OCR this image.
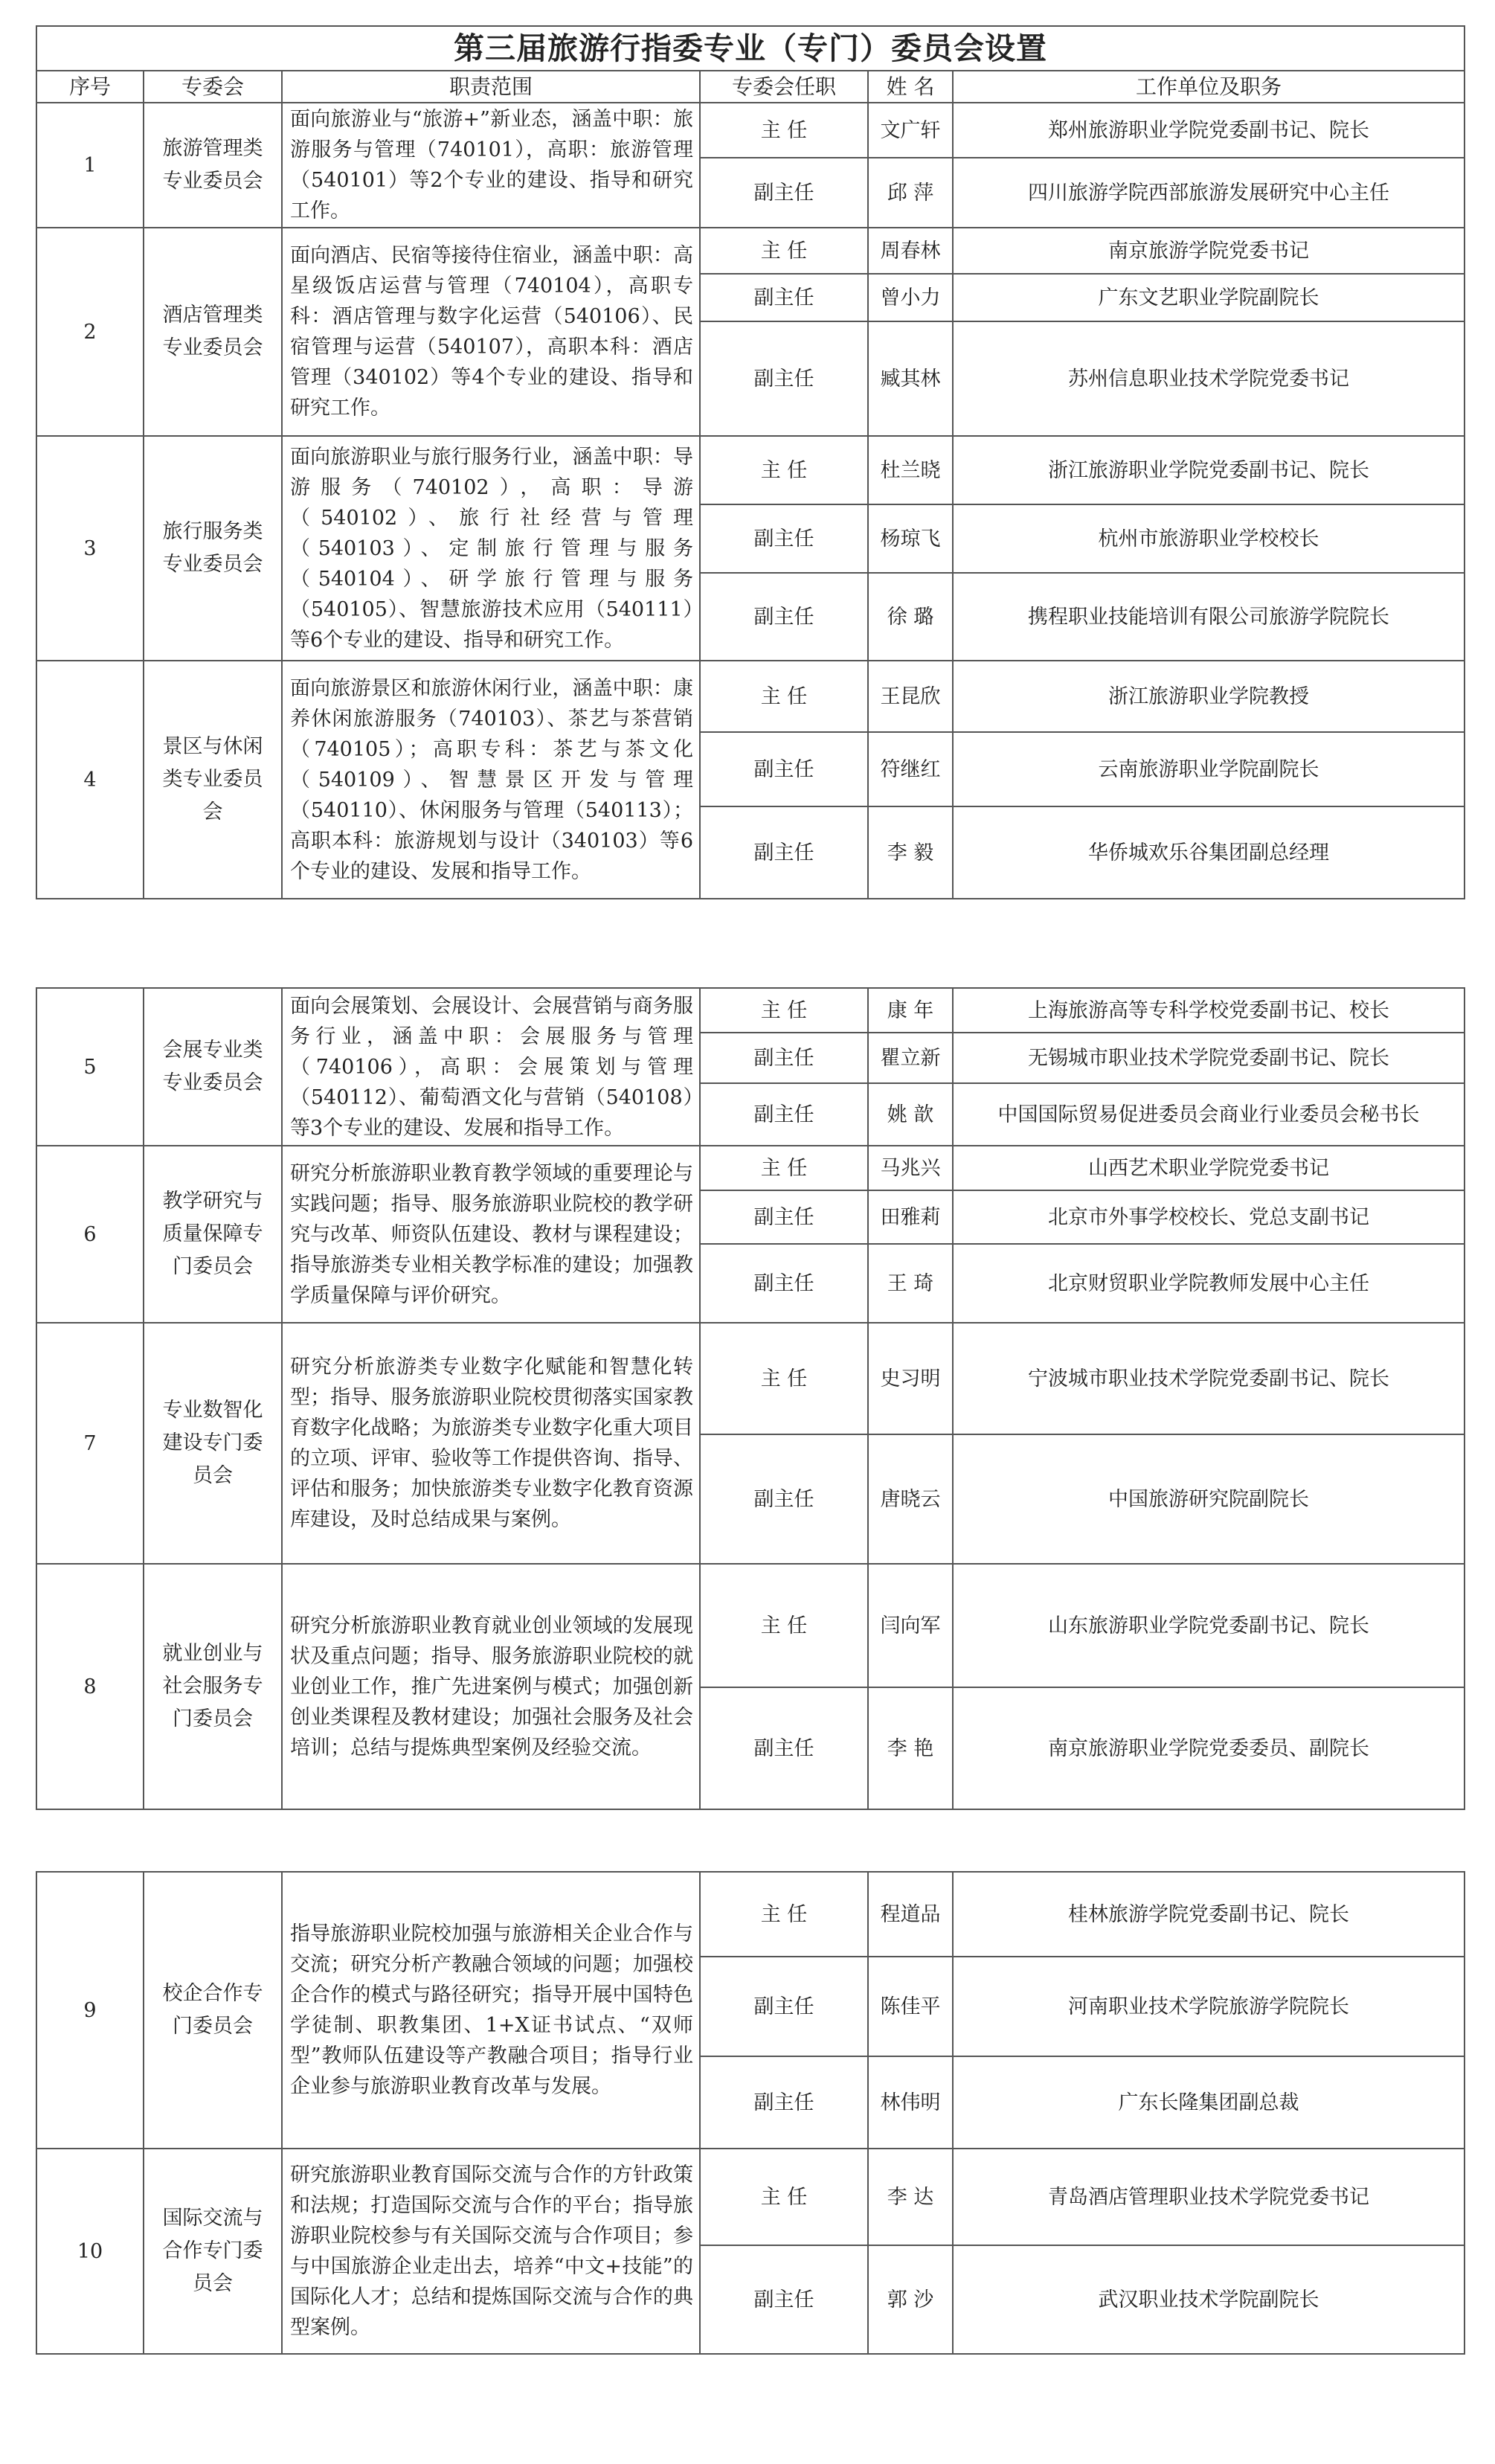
第三届旅游行指委专业（专门）委员会设置					
序号	专委会	职责范围	专委会任职	姓 名	工作单位及职务
1	旅游管理类专业委员会	面向旅游业与“旅游+”新业态，涵盖中职：旅游服务与管理（740101），高职：旅游管理（540101）等2个专业的建设、指导和研究工作。	主 任	文广轩	郑州旅游职业学院党委副书记、院长
			副主任	邱 萍	四川旅游学院西部旅游发展研究中心主任
2	酒店管理类专业委员会	面向酒店、民宿等接待住宿业，涵盖中职：高星级饭店运营与管理（740104），高职专科：酒店管理与数字化运营（540106）、民宿管理与运营（540107），高职本科：酒店管理（340102）等4个专业的建设、指导和研究工作。	主 任	周春林	南京旅游学院党委书记
			副主任	曾小力	广东文艺职业学院副院长
			副主任	臧其林	苏州信息职业技术学院党委书记
3	旅行服务类专业委员会	面向旅游职业与旅行服务行业，涵盖中职：导游服务（740102），高职：导游（540102）、旅行社经营与管理（540103）、定制旅行管理与服务（540104）、研学旅行管理与服务（540105）、智慧旅游技术应用（540111）等6个专业的建设、指导和研究工作。	主 任	杜兰晓	浙江旅游职业学院党委副书记、院长
			副主任	杨琼飞	杭州市旅游职业学校校长
			副主任	徐 璐	携程职业技能培训有限公司旅游学院院长
4	景区与休闲类专业委员会	面向旅游景区和旅游休闲行业，涵盖中职：康养休闲旅游服务（740103）、茶艺与茶营销（740105）；高职专科：茶艺与茶文化（540109）、智慧景区开发与管理（540110）、休闲服务与管理（540113）；高职本科：旅游规划与设计（340103）等6个专业的建设、发展和指导工作。	主 任	王昆欣	浙江旅游职业学院教授
			副主任	符继红	云南旅游职业学院副院长
			副主任	李 毅	华侨城欢乐谷集团副总经理
5	会展专业类专业委员会	面向会展策划、会展设计、会展营销与商务服务行业，涵盖中职：会展服务与管理（740106），高职：会展策划与管理（540112）、葡萄酒文化与营销（540108）等3个专业的建设、发展和指导工作。	主 任	康 年	上海旅游高等专科学校党委副书记、校长
			副主任	瞿立新	无锡城市职业技术学院党委副书记、院长
			副主任	姚 歆	中国国际贸易促进委员会商业行业委员会秘书长
6	教学研究与质量保障专门委员会	研究分析旅游职业教育教学领域的重要理论与实践问题；指导、服务旅游职业院校的教学研究与改革、师资队伍建设、教材与课程建设；指导旅游类专业相关教学标准的建设；加强教学质量保障与评价研究。	主 任	马兆兴	山西艺术职业学院党委书记
			副主任	田雅莉	北京市外事学校校长、党总支副书记
			副主任	王 琦	北京财贸职业学院教师发展中心主任
7	专业数智化建设专门委员会	研究分析旅游类专业数字化赋能和智慧化转型；指导、服务旅游职业院校贯彻落实国家教育数字化战略；为旅游类专业数字化重大项目的立项、评审、验收等工作提供咨询、指导、评估和服务；加快旅游类专业数字化教育资源库建设，及时总结成果与案例。	主 任	史习明	宁波城市职业技术学院党委副书记、院长
			副主任	唐晓云	中国旅游研究院副院长
8	就业创业与社会服务专门委员会	研究分析旅游职业教育就业创业领域的发展现状及重点问题；指导、服务旅游职业院校的就业创业工作，推广先进案例与模式；加强创新创业类课程及教材建设；加强社会服务及社会培训；总结与提炼典型案例及经验交流。	主 任	闫向军	山东旅游职业学院党委副书记、院长
			副主任	李 艳	南京旅游职业学院党委委员、副院长
9	校企合作专门委员会	指导旅游职业院校加强与旅游相关企业合作与交流；研究分析产教融合领域的问题；加强校企合作的模式与路径研究；指导开展中国特色学徒制、职教集团、1+X证书试点、“双师型”教师队伍建设等产教融合项目；指导行业企业参与旅游职业教育改革与发展。	主 任	程道品	桂林旅游学院党委副书记、院长
			副主任	陈佳平	河南职业技术学院旅游学院院长
			副主任	林伟明	广东长隆集团副总裁
10	国际交流与合作专门委员会	研究旅游职业教育国际交流与合作的方针政策和法规；打造国际交流与合作的平台；指导旅游职业院校参与有关国际交流与合作项目；参与中国旅游企业走出去，培养“中文+技能”的国际化人才；总结和提炼国际交流与合作的典型案例。	主 任	李 达	青岛酒店管理职业技术学院党委书记
			副主任	郭 沙	武汉职业技术学院副院长
